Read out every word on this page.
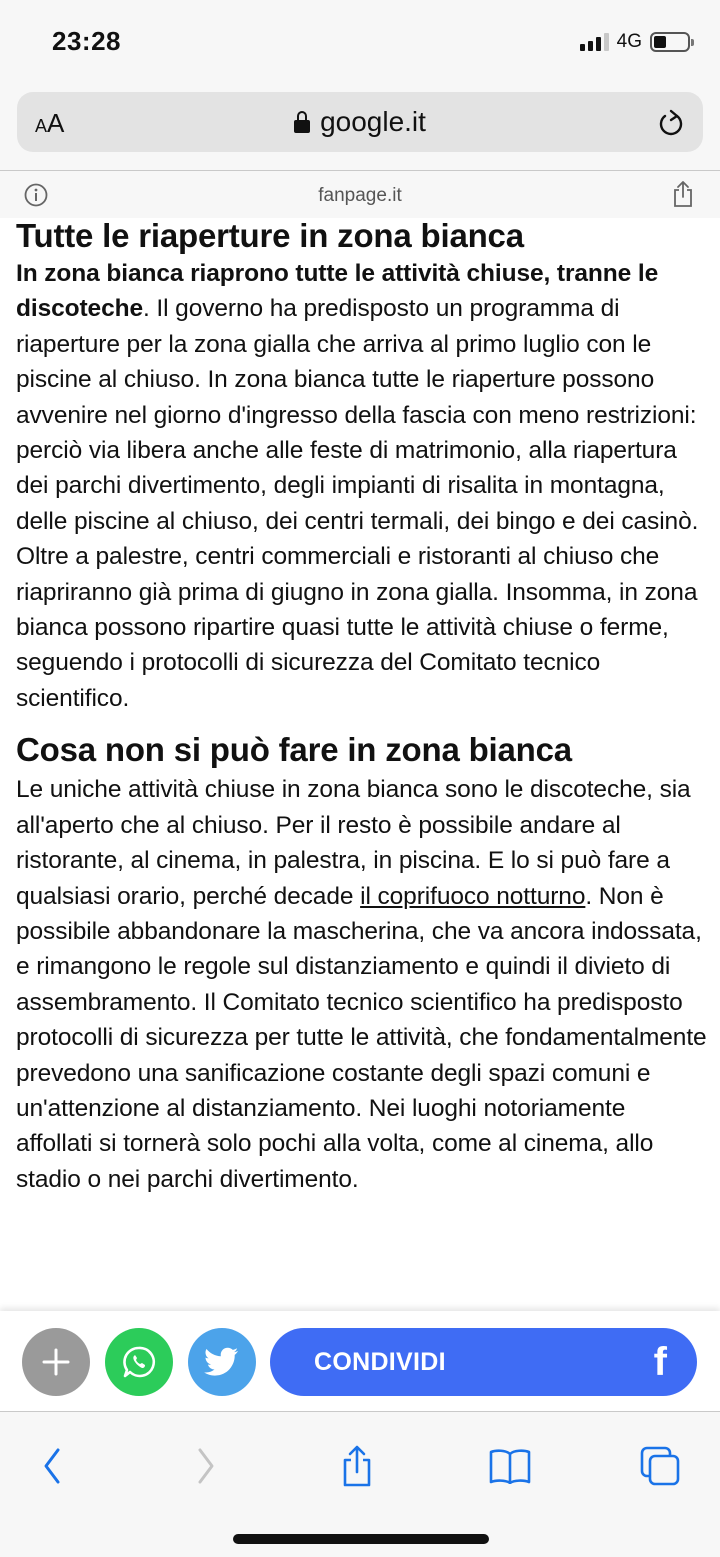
23:28	4G
AA	google.it
fanpage.it
Tutte le riaperture in zona bianca

In zona bianca riaprono tutte le attività chiuse, tranne le discoteche. Il governo ha predisposto un programma di riaperture per la zona gialla che arriva al primo luglio con le piscine al chiuso. In zona bianca tutte le riaperture possono avvenire nel giorno d'ingresso della fascia con meno restrizioni: perciò via libera anche alle feste di matrimonio, alla riapertura dei parchi divertimento, degli impianti di risalita in montagna, delle piscine al chiuso, dei centri termali, dei bingo e dei casinò. Oltre a palestre, centri commerciali e ristoranti al chiuso che riapriranno già prima di giugno in zona gialla. Insomma, in zona bianca possono ripartire quasi tutte le attività chiuse o ferme, seguendo i protocolli di sicurezza del Comitato tecnico scientifico.

Cosa non si può fare in zona bianca

Le uniche attività chiuse in zona bianca sono le discoteche, sia all'aperto che al chiuso. Per il resto è possibile andare al ristorante, al cinema, in palestra, in piscina. E lo si può fare a qualsiasi orario, perché decade il coprifuoco notturno. Non è possibile abbandonare la mascherina, che va ancora indossata, e rimangono le regole sul distanziamento e quindi il divieto di assembramento. Il Comitato tecnico scientifico ha predisposto protocolli di sicurezza per tutte le attività, che fondamentalmente prevedono una sanificazione costante degli spazi comuni e un'attenzione al distanziamento. Nei luoghi notoriamente affollati si tornerà solo pochi alla volta, come al cinema, allo stadio o nei parchi divertimento.

CONDIVIDI	f
